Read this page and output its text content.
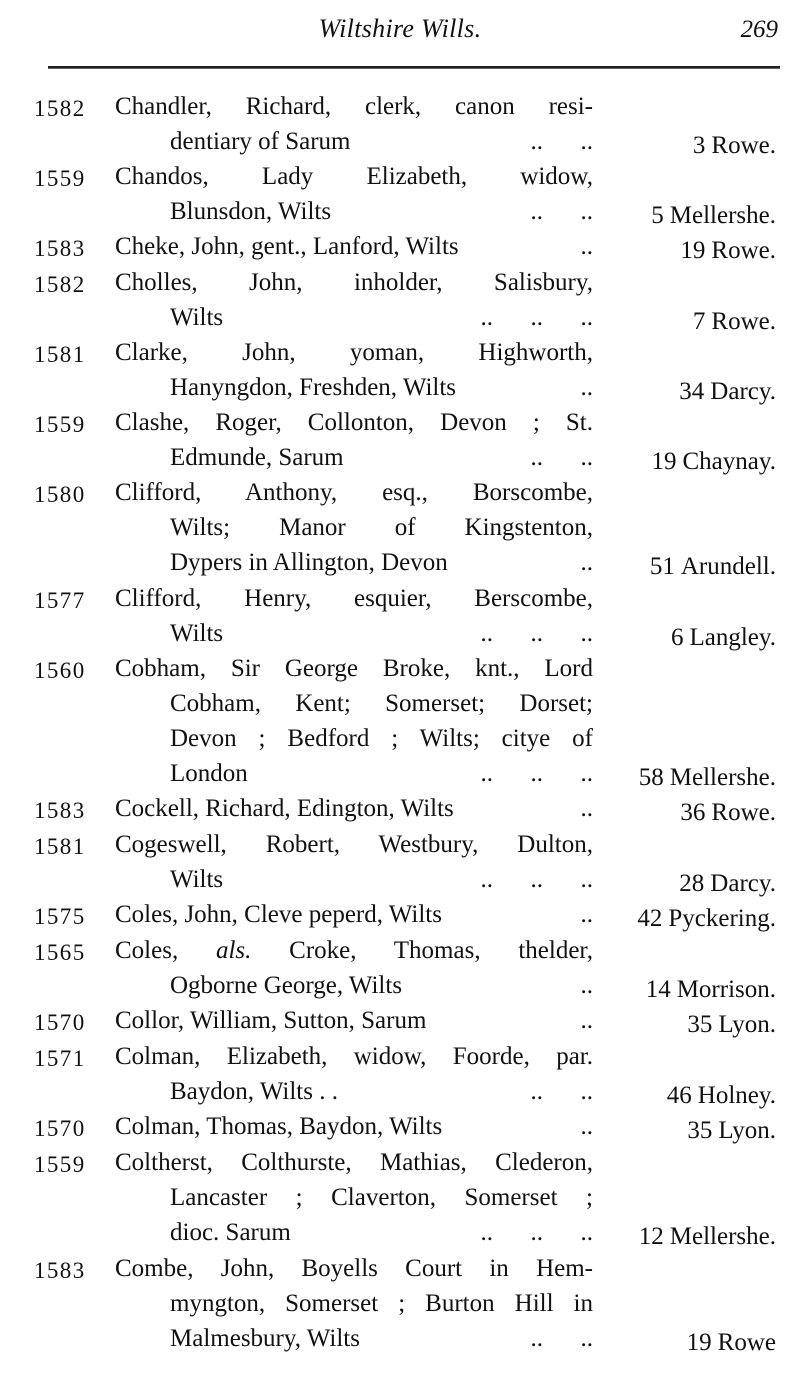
Wiltshire Wills.	269
1582 Chandler, Richard, clerk, canon resi-
dentiary of Sarum	..      ..	3 Rowe.
1559 Chandos, Lady Elizabeth, widow,
Blunsdon, Wilts	..      .. 5 Mellershe.
1583 Cheke, John, gent., Lanford, Wilts	..	19 Rowe.
1582 Cholles, John, inholder, Salisbury,
Wilts	..      ..      ..	7 Rowe.
1581 Clarke, John, yoman, Highworth,
Hanyngdon, Freshden, Wilts	..	34 Darcy.
1559 Clashe, Roger, Collonton, Devon ; St.
Edmunde, Sarum	..      .. 19 Chaynay.
1580 Clifford, Anthony, esq., Borscombe,
Wilts; Manor of Kingstenton,
Dypers in Allington, Devon	.. 51 Arundell.
1577 Clifford, Henry, esquier, Berscombe,
Wilts	..      ..      ..	6 Langley.
1560 Cobham, Sir George Broke, knt., Lord
Cobham, Kent; Somerset; Dorset;
Devon ; Bedford ; Wilts; citye of
London	..      ..      .. 58 Mellershe.
1583 Cockell, Richard, Edington, Wilts	..	36 Rowe.
1581 Cogeswell, Robert, Westbury, Dulton,
Wilts	..      ..      ..	28 Darcy.
1575 Coles, John, Cleve peperd, Wilts	.. 42 Pyckering.
1565 Coles, als. Croke, Thomas, thelder,
Ogborne George, Wilts	.. 14 Morrison.
1570 Collor, William, Sutton, Sarum	..	35 Lyon.
1571 Colman, Elizabeth, widow, Foorde, par.
Baydon, Wilts . .	..      ..	46 Holney.
1570 Colman, Thomas, Baydon, Wilts	..	35 Lyon.
1559 Coltherst, Colthurste, Mathias, Clederon,
Lancaster ; Claverton, Somerset ;
dioc. Sarum	..      ..      .. 12 Mellershe.
1583 Combe, John, Boyells Court in Hem-
myngton, Somerset ; Burton Hill in
Malmesbury, Wilts	..      ..	19 Rowe
